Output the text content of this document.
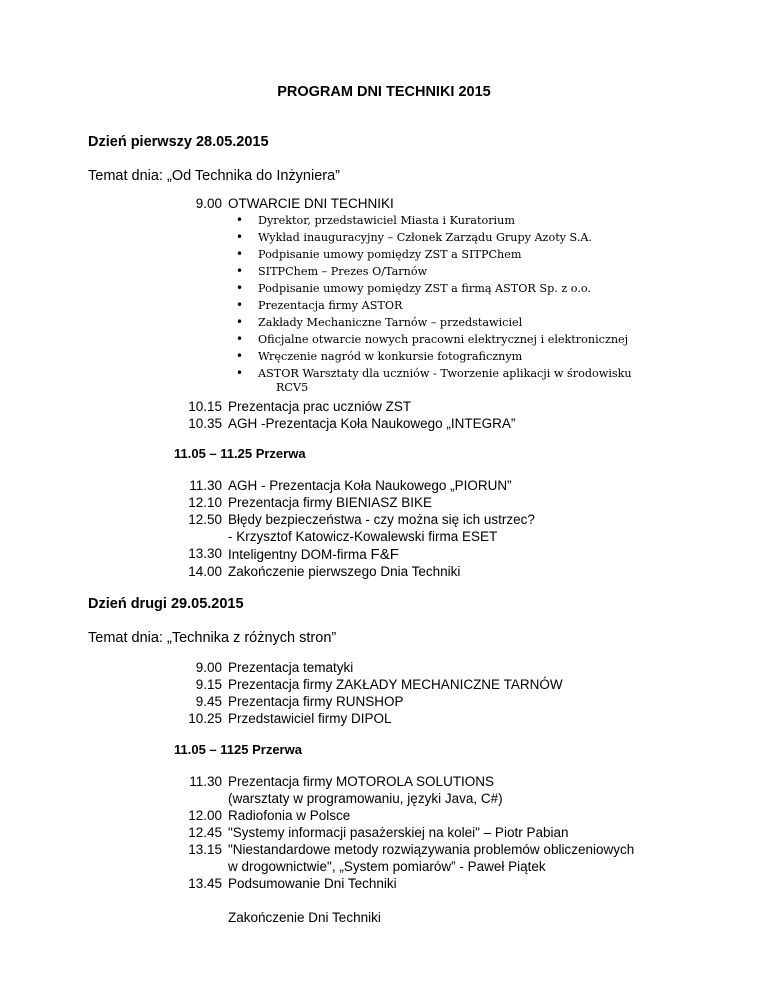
PROGRAM DNI TECHNIKI 2015
Dzień pierwszy 28.05.2015
Temat dnia: „Od Technika do Inżyniera”
9.00 OTWARCIE DNI TECHNIKI
• Dyrektor, przedstawiciel Miasta i Kuratorium
• Wykład inauguracyjny – Członek Zarządu Grupy Azoty S.A.
• Podpisanie umowy pomiędzy ZST a SITPChem
• SITPChem – Prezes O/Tarnów
• Podpisanie umowy pomiędzy ZST a firmą ASTOR Sp. z o.o.
• Prezentacja firmy ASTOR
• Zakłady Mechaniczne Tarnów – przedstawiciel
• Oficjalne otwarcie nowych pracowni elektrycznej i elektronicznej
• Wręczenie nagród w konkursie fotograficznym
• ASTOR Warsztaty dla uczniów - Tworzenie aplikacji w środowisku
RCV5
10.15 Prezentacja prac uczniów ZST
10.35 AGH -Prezentacja Koła Naukowego „INTEGRA”
11.05 – 11.25 Przerwa
11.30 AGH - Prezentacja Koła Naukowego „PIORUN”
12.10 Prezentacja firmy BIENIASZ BIKE
12.50 Błędy bezpieczeństwa - czy można się ich ustrzec?
- Krzysztof Katowicz-Kowalewski firma ESET
13.30 Inteligentny DOM-firma F&F
14.00 Zakończenie pierwszego Dnia Techniki
Dzień drugi 29.05.2015
Temat dnia: „Technika z różnych stron”
9.00 Prezentacja tematyki
9.15 Prezentacja firmy ZAKŁADY MECHANICZNE TARNÓW
9.45 Prezentacja firmy RUNSHOP
10.25 Przedstawiciel firmy DIPOL
11.05 – 1125 Przerwa
11.30 Prezentacja firmy MOTOROLA SOLUTIONS
(warsztaty w programowaniu, języki Java, C#)
12.00 Radiofonia w Polsce
12.45 "Systemy informacji pasażerskiej na kolei" – Piotr Pabian
13.15 "Niestandardowe metody rozwiązywania problemów obliczeniowych
w drogownictwie", „System pomiarów” - Paweł Piątek
13.45 Podsumowanie Dni Techniki
Zakończenie Dni Techniki
